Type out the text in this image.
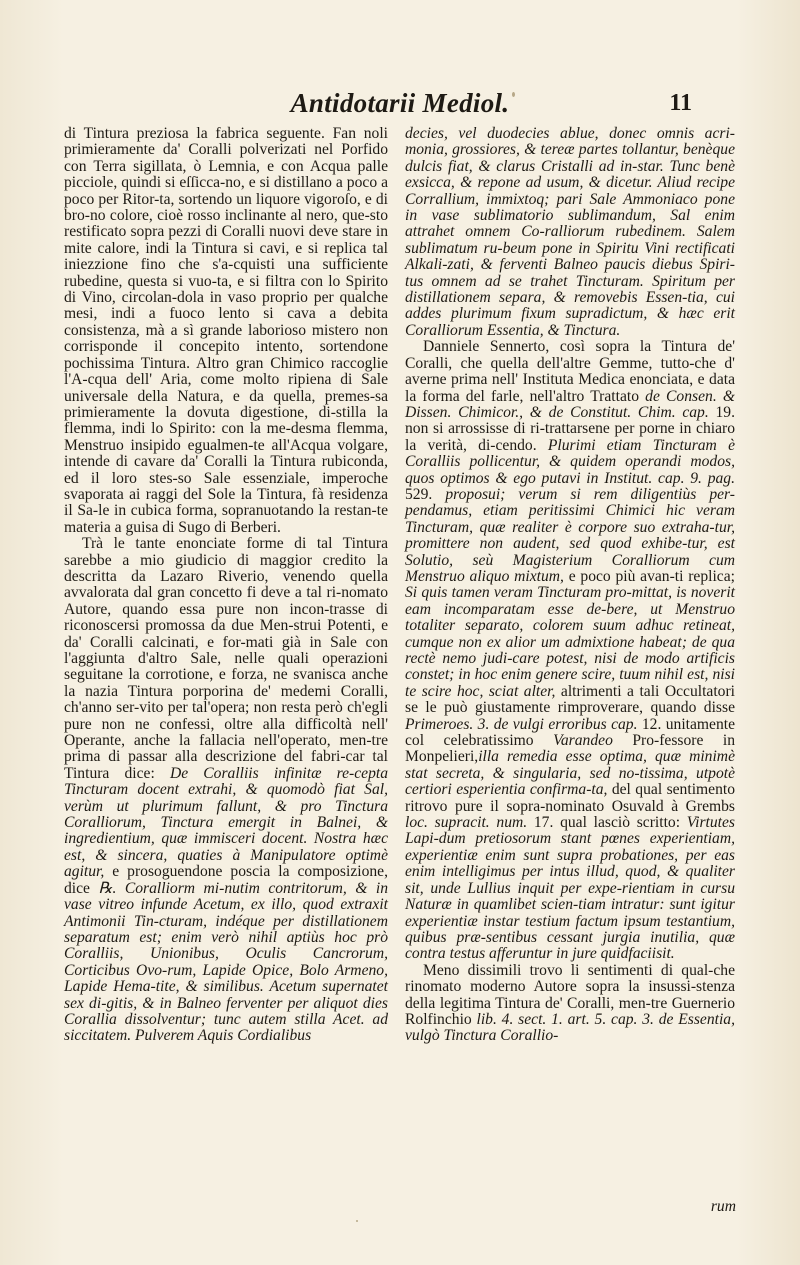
Antidotarii Mediol.	11

di Tintura preziosa la fabrica seguente. Fan noli primieramente da' Coralli polverizati nel Porfido con Terra sigillata, ò Lemnia, e con Acqua palle picciole, quindi si eſſicca-no, e si distillano a poco a poco per Ritor-ta, sortendo un liquore vigoroſo, e di bro-no colore, cioè rosso inclinante al nero, que-sto restificato sopra pezzi di Coralli nuovi deve stare in mite calore, indi la Tintura si cavi, e si replica tal iniezzione fino che s'a-cquisti una sufficiente rubedine, questa si vuo-ta, e si filtra con lo Spirito di Vino, circolan-dola in vaso proprio per qualche mesi, indi a fuoco lento si cava a debita consistenza, mà a sì grande laborioso mistero non corrisponde il concepito intento, sortendone pochissima Tintura. Altro gran Chimico raccoglie l'A-cqua dell' Aria, come molto ripiena di Sale universale della Natura, e da quella, premes-sa primieramente la dovuta digestione, di-stilla la flemma, indi lo Spirito: con la me-desma flemma, Menstruo insipido egualmen-te all'Acqua volgare, intende di cavare da' Coralli la Tintura rubiconda, ed il loro stes-so Sale essenziale, imperoche svaporata ai raggi del Sole la Tintura, fà residenza il Sa-le in cubica forma, sopranuotando la restan-te materia a guisa di Sugo di Berberi.

Trà le tante enonciate forme di tal Tintura sarebbe a mio giudicio di maggior credito la descritta da Lazaro Riverio, venendo quella avvalorata dal gran concetto fi deve a tal ri-nomato Autore, quando essa pure non incon-trasse di riconoscersi promossa da due Men-strui Potenti, e da' Coralli calcinati, e for-mati già in Sale con l'aggiunta d'altro Sale, nelle quali operazioni seguitane la corrotione, e forza, ne svanisca anche la nazia Tintura porporina de' medemi Coralli, ch'anno ser-vito per tal'opera; non resta però ch'egli pure non ne confessi, oltre alla difficoltà nell' Operante, anche la fallacia nell'operato, men-tre prima di passar alla descrizione del fabri-car tal Tintura dice: De Coralliis infinitæ re-cepta Tincturam docent extrahi, & quomodò fiat Sal, verùm ut plurimum fallunt, & pro Tinctura Coralliorum, Tinctura emergit in Balnei, & ingredientium, quæ immisceri docent. Nostra hæc est, & sincera, quaties à Manipulatore optimè agitur, e prosoguendone poscia la composizione, dice ℞. Coralliorm mi-nutim contritorum, & in vase vitreo infunde Acetum, ex illo, quod extraxit Antimonii Tin-cturam, indéque per distillationem separatum est; enim verò nihil aptiùs hoc prò Coralliis, Unionibus, Oculis Cancrorum, Corticibus Ovo-rum, Lapide Opice, Bolo Armeno, Lapide Hema-tite, & similibus. Acetum supernatet sex di-gitis, & in Balneo ferventer per aliquot dies Corallia dissolventur; tunc autem stilla Acet. ad siccitatem. Pulverem Aquis Cordialibus

decies, vel duodecies ablue, donec omnis acri-monia, grossiores, & tereæ partes tollantur, benèque dulcis fiat, & clarus Cristalli ad in-star. Tunc benè exsicca, & repone ad usum, & dicetur. Aliud recipe Corrallium, immixtoq; pari Sale Ammoniaco pone in vase sublimatorio sublimandum, Sal enim attrahet omnem Co-ralliorum rubedinem. Salem sublimatum ru-beum pone in Spiritu Vini rectificati Alkali-zati, & ferventi Balneo paucis diebus Spiri-tus omnem ad se trahet Tincturam. Spiritum per distillationem separa, & removebis Essen-tia, cui addes plurimum fixum supradictum, & hæc erit Coralliorum Essentia, & Tinctura.

Danniele Sennerto, così sopra la Tintura de' Coralli, che quella dell'altre Gemme, tutto-che d' averne prima nell' Instituta Medica enonciata, e data la forma del farle, nell'altro Trattato de Consen. & Dissen. Chimicor., & de Constitut. Chim. cap. 19. non si arrossisse di ri-trattarsene per porne in chiaro la verità, di-cendo. Plurimi etiam Tincturam è Coralliis pollicentur, & quidem operandi modos, quos optimos & ego putavi in Institut. cap. 9. pag. 529. proposui; verum si rem diligentiùs per-pendamus, etiam peritissimi Chimici hic veram Tincturam, quæ realiter è corpore suo extraha-tur, promittere non audent, sed quod exhibe-tur, est Solutio, seù Magisterium Coralliorum cum Menstruo aliquo mixtum, e poco più avan-ti replica; Si quis tamen veram Tincturam pro-mittat, is noverit eam incomparatam esse de-bere, ut Menstruo totaliter separato, colorem suum adhuc retineat, cumque non ex alior um admixtione habeat; de qua rectè nemo judi-care potest, nisi de modo artificis constet; in hoc enim genere scire, tuum nihil est, nisi te scire hoc, sciat alter, altrimenti a tali Occultatori se le può giustamente rimproverare, quando disse Primeroes. 3. de vulgi erroribus cap. 12. unitamente col celebratissimo Varandeo Pro-fessore in Monpelieri,illa remedia esse optima, quæ minimè stat secreta, & singularia, sed no-tissima, utpotè certiori esperientia confirma-ta, del qual sentimento ritrovo pure il sopra-nominato Osuvald à Grembs loc. supracit. num. 17. qual lasciò scritto: Virtutes Lapi-dum pretiosorum stant pœnes experientiam, experientiæ enim sunt supra probationes, per eas enim intelligimus per intus illud, quod, & qualiter sit, unde Lullius inquit per expe-rientiam in cursu Naturæ in quamlibet scien-tiam intratur: sunt igitur experientiæ instar testium factum ipsum testantium, quibus præ-sentibus cessant jurgia inutilia, quæ contra testus afferuntur in jure quidfaciisit.

Meno dissimili trovo li sentimenti di qual-che rinomato moderno Autore sopra la insussi-stenza della legitima Tintura de' Coralli, men-tre Guernerio Rolfinchio lib. 4. sect. 1. art. 5. cap. 3. de Essentia, vulgò Tinctura Corallio-

rum
